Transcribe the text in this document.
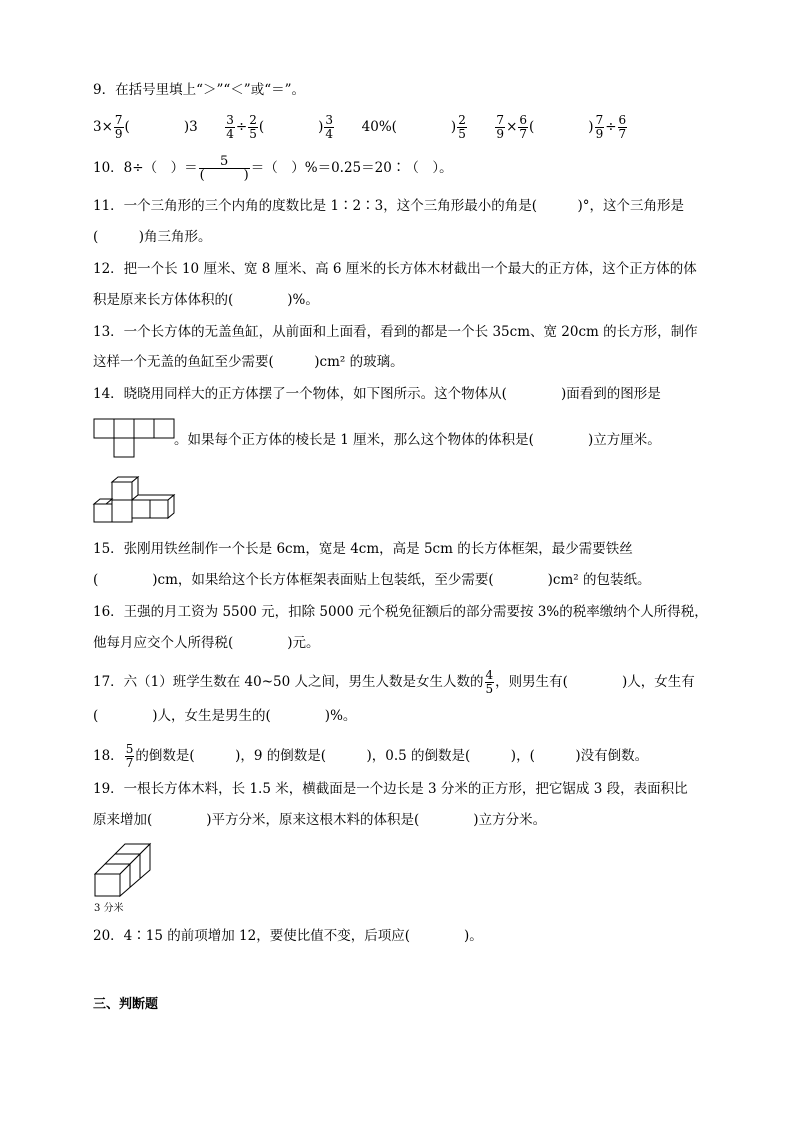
9．在括号里填上“＞”“＜”或“＝”。
$3\times \frac{7}{9}$ (　　　　)$3 \frac{3}{4} \div \frac{2}{5}$ (　　　　) $\frac{3}{4} 40\%$(　　　　) $\frac{2}{5}$
$\frac{7}{9} \times \frac{6}{7}$ (　　　　) $\frac{7}{9} \div \frac{6}{7}$
10．8÷（　）＝ $\frac{5}{( )}$ ＝（　）%＝0.25＝20∶（　）。
11．一个三角形的三个内角的度数比是 1∶2∶3，这个三角形最小的角是(　　　)°，这个三角形是
(　　　)角三角形。
12．把一个长 10 厘米、宽 8 厘米、高 6 厘米的长方体木材截出一个最大的正方体，这个正方体的体
积是原来长方体体积的(　　　　)%。
13．一个长方体的无盖鱼缸，从前面和上面看，看到的都是一个长 35cm、宽 20cm 的长方形，制作
这样一个无盖的鱼缸至少需要(　　　)cm² 的玻璃。
14．晓晓用同样大的正方体摆了一个物体，如下图所示。这个物体从(　　　　)面看到的图形是
。如果每个正方体的棱长是 1 厘米，那么这个物体的体积是(　　　　)立方厘米。
15．张刚用铁丝制作一个长是 6cm，宽是 4cm，高是 5cm 的长方体框架，最少需要铁丝
(　　　　)cm，如果给这个长方体框架表面贴上包装纸，至少需要(　　　　)cm² 的包装纸。
16．王强的月工资为 5500 元，扣除 5000 元个税免征额后的部分需要按 3%的税率缴纳个人所得税，
他每月应交个人所得税(　　　　)元。
17．六（1）班学生数在 40~50 人之间，男生人数是女生人数的 $\frac{4}{5}$ ，则男生有(　　　　)人，女生有
(　　　　)人，女生是男生的(　　　　)%。
18． $\frac{5}{7}$ 的倒数是(　　　)，9 的倒数是(　　　)，0.5 的倒数是(　　　)，(　　　)没有倒数。
19．一根长方体木料，长 1.5 米，横截面是一个边长是 3 分米的正方形，把它锯成 3 段，表面积比
原来增加(　　　　)平方分米，原来这根木料的体积是(　　　　)立方分米。
3 分米
20．4∶15 的前项增加 12，要使比值不变，后项应(　　　　)。
三、判断题
